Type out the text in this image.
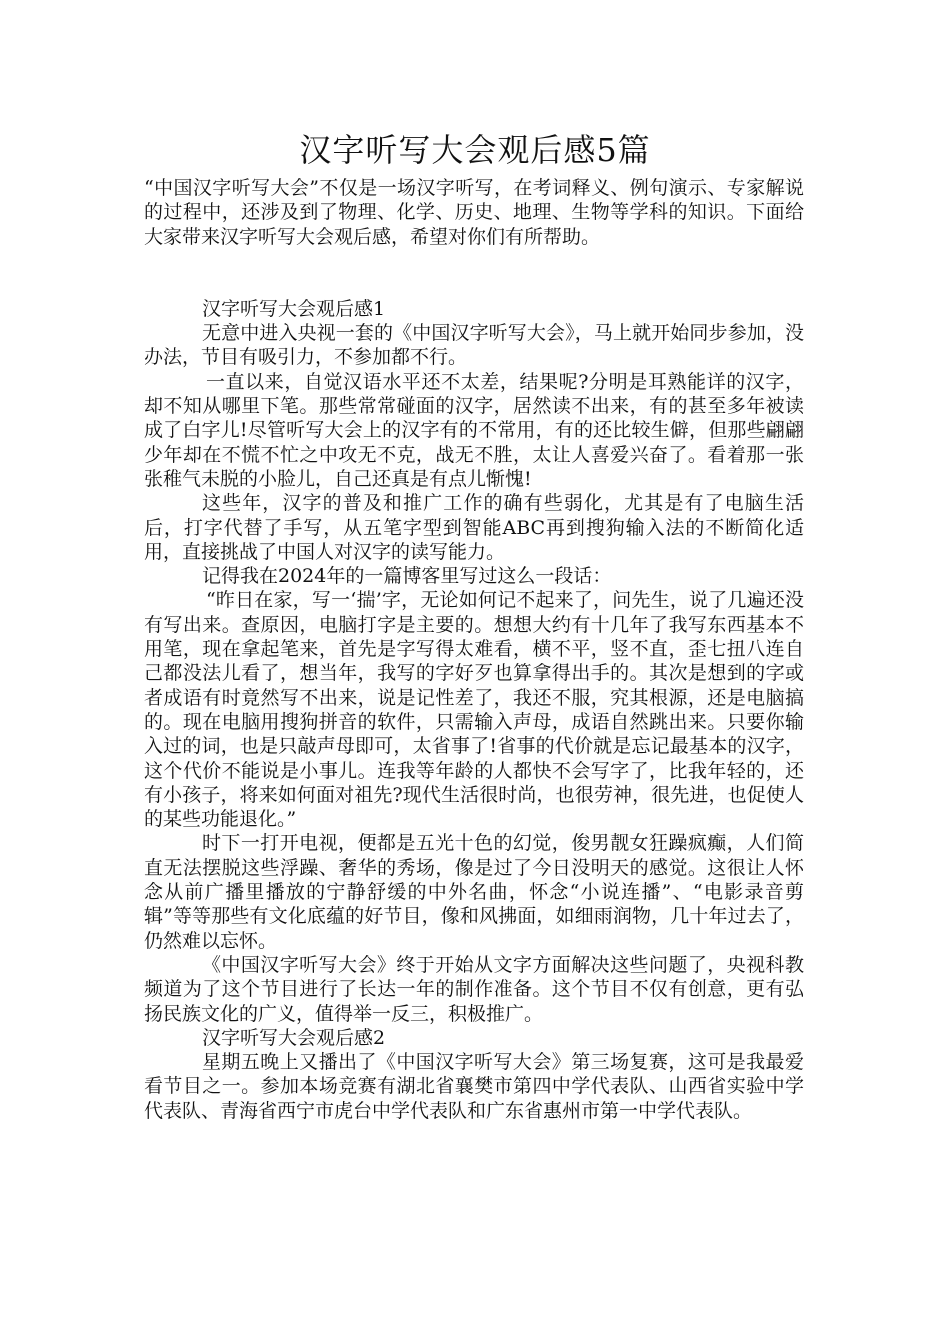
汉字听写大会观后感5篇

“中国汉字听写大会”不仅是一场汉字听写，在考词释义、例句演示、专家解说的过程中，还涉及到了物理、化学、历史、地理、生物等学科的知识。下面给大家带来汉字听写大会观后感，希望对你们有所帮助。

汉字听写大会观后感1

无意中进入央视一套的《中国汉字听写大会》，马上就开始同步参加，没办法，节目有吸引力，不参加都不行。

一直以来，自觉汉语水平还不太差，结果呢?分明是耳熟能详的汉字，却不知从哪里下笔。那些常常碰面的汉字，居然读不出来，有的甚至多年被读成了白字儿!尽管听写大会上的汉字有的不常用，有的还比较生僻，但那些翩翩少年却在不慌不忙之中攻无不克，战无不胜，太让人喜爱兴奋了。看着那一张张稚气未脱的小脸儿，自己还真是有点儿惭愧!

这些年，汉字的普及和推广工作的确有些弱化，尤其是有了电脑生活后，打字代替了手写，从五笔字型到智能ABC再到搜狗输入法的不断简化适用，直接挑战了中国人对汉字的读写能力。

记得我在2024年的一篇博客里写过这么一段话：

“昨日在家，写一‘揣’字，无论如何记不起来了，问先生，说了几遍还没有写出来。查原因，电脑打字是主要的。想想大约有十几年了我写东西基本不用笔，现在拿起笔来，首先是字写得太难看，横不平，竖不直，歪七扭八连自己都没法儿看了，想当年，我写的字好歹也算拿得出手的。其次是想到的字或者成语有时竟然写不出来，说是记性差了，我还不服，究其根源，还是电脑搞的。现在电脑用搜狗拼音的软件，只需输入声母，成语自然跳出来。只要你输入过的词，也是只敲声母即可，太省事了!省事的代价就是忘记最基本的汉字，这个代价不能说是小事儿。连我等年龄的人都快不会写字了，比我年轻的，还有小孩子，将来如何面对祖先?现代生活很时尚，也很劳神，很先进，也促使人的某些功能退化。”

时下一打开电视，便都是五光十色的幻觉，俊男靓女狂躁疯癫，人们简直无法摆脱这些浮躁、奢华的秀场，像是过了今日没明天的感觉。这很让人怀念从前广播里播放的宁静舒缓的中外名曲，怀念“小说连播”、“电影录音剪辑”等等那些有文化底蕴的好节目，像和风拂面，如细雨润物，几十年过去了，仍然难以忘怀。

《中国汉字听写大会》终于开始从文字方面解决这些问题了，央视科教频道为了这个节目进行了长达一年的制作准备。这个节目不仅有创意，更有弘扬民族文化的广义，值得举一反三，积极推广。

汉字听写大会观后感2

星期五晚上又播出了《中国汉字听写大会》第三场复赛，这可是我最爱看节目之一。参加本场竞赛有湖北省襄樊市第四中学代表队、山西省实验中学代表队、青海省西宁市虎台中学代表队和广东省惠州市第一中学代表队。
